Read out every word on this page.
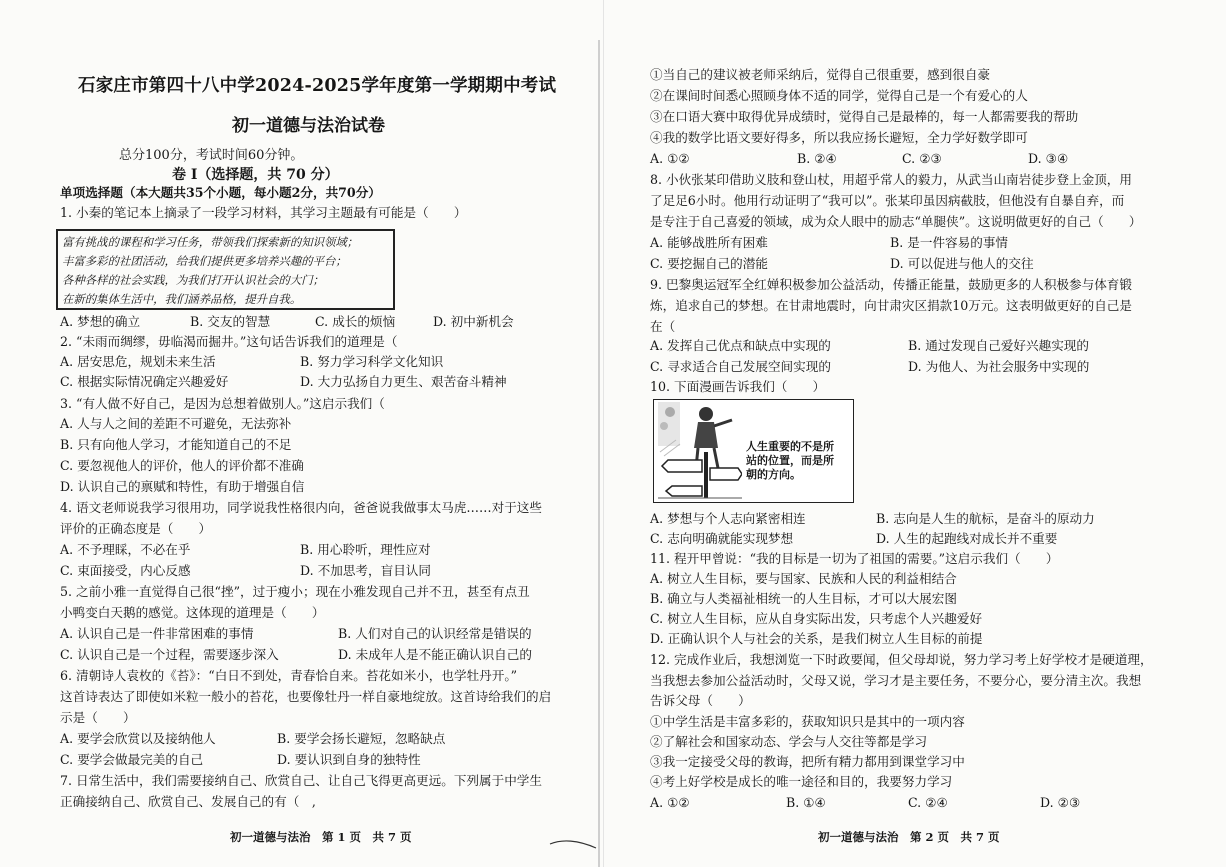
石家庄市第四十八中学2024-2025学年度第一学期期中考试
初一道德与法治试卷
总分100分，考试时间60分钟。
卷 Ⅰ（选择题，共 70 分）
单项选择题（本大题共35个小题，每小题2分，共70分）
1. 小秦的笔记本上摘录了一段学习材料，其学习主题最有可能是（　　）
富有挑战的课程和学习任务，带领我们探索新的知识领域；
丰富多彩的社团活动，给我们提供更多培养兴趣的平台；
各种各样的社会实践，为我们打开认识社会的大门；
在新的集体生活中，我们涵养品格，提升自我。
A. 梦想的确立	B. 交友的智慧	C. 成长的烦恼	D. 初中新机会
2. “未雨而绸缪，毋临渴而掘井。”这句话告诉我们的道理是（
A. 居安思危，规划未来生活	B. 努力学习科学文化知识
C. 根据实际情况确定兴趣爱好	D. 大力弘扬自力更生、艰苦奋斗精神
3. “有人做不好自己，是因为总想着做别人。”这启示我们（
A. 人与人之间的差距不可避免，无法弥补
B. 只有向他人学习，才能知道自己的不足
C. 要忽视他人的评价，他人的评价都不准确
D. 认识自己的禀赋和特性，有助于增强自信
4. 语文老师说我学习很用功，同学说我性格很内向，爸爸说我做事太马虎……对于这些
评价的正确态度是（　　）
A. 不予理睬，不必在乎	B. 用心聆听，理性应对
C. 束面接受，内心反感	D. 不加思考，盲目认同
5. 之前小雅一直觉得自己很“挫”，过于瘦小；现在小雅发现自己并不丑，甚至有点丑
小鸭变白天鹅的感觉。这体现的道理是（　　）
A. 认识自己是一件非常困难的事情	B. 人们对自己的认识经常是错误的
C. 认识自己是一个过程，需要逐步深入	D. 未成年人是不能正确认识自己的
6. 清朝诗人袁枚的《苔》：“白日不到处，青春恰自来。苔花如米小，也学牡丹开。”
这首诗表达了即使如米粒一般小的苔花，也要像牡丹一样自豪地绽放。这首诗给我们的启
示是（　　）
A. 要学会欣赏以及接纳他人	B. 要学会扬长避短，忽略缺点
C. 要学会做最完美的自己	D. 要认识到自身的独特性
7. 日常生活中，我们需要接纳自己、欣赏自己、让自己飞得更高更远。下列属于中学生
正确接纳自己、欣赏自己、发展自己的有（　,
初一道德与法治　第 1 页　共 7 页
①当自己的建议被老师采纳后，觉得自己很重要，感到很自豪
②在课间时间悉心照顾身体不适的同学，觉得自己是一个有爱心的人
③在口语大赛中取得优异成绩时，觉得自己是最棒的，每一人都需要我的帮助
④我的数学比语文要好得多，所以我应扬长避短，全力学好数学即可
A. ①②	B. ②④	C. ②③	D. ③④
8. 小伙张某印借助义肢和登山杖，用超乎常人的毅力，从武当山南岩徒步登上金顶，用
了足足6小时。他用行动证明了“我可以”。张某印虽因病截肢，但他没有自暴自弃，而
是专注于自己喜爱的领域，成为众人眼中的励志“单腿侠”。这说明做更好的自己（　　）
A. 能够战胜所有困难	B. 是一件容易的事情
C. 要挖掘自己的潜能	D. 可以促进与他人的交往
9. 巴黎奥运冠军全红婵积极参加公益活动，传播正能量，鼓励更多的人积极参与体育锻
炼，追求自己的梦想。在甘肃地震时，向甘肃灾区捐款10万元。这表明做更好的自己是
在（
A. 发挥自己优点和缺点中实现的	B. 通过发现自己爱好兴趣实现的
C. 寻求适合自己发展空间实现的	D. 为他人、为社会服务中实现的
10. 下面漫画告诉我们（　　）
A. 梦想与个人志向紧密相连	B. 志向是人生的航标，是奋斗的原动力
C. 志向明确就能实现梦想	D. 人生的起跑线对成长并不重要
11. 程开甲曾说：“我的目标是一切为了祖国的需要。”这启示我们（　　）
A. 树立人生目标，要与国家、民族和人民的利益相结合
B. 确立与人类福祉相统一的人生目标，才可以大展宏图
C. 树立人生目标，应从自身实际出发，只考虑个人兴趣爱好
D. 正确认识个人与社会的关系，是我们树立人生目标的前提
12. 完成作业后，我想浏览一下时政要闻，但父母却说，努力学习考上好学校才是硬道理，
当我想去参加公益活动时，父母又说，学习才是主要任务，不要分心，要分清主次。我想
告诉父母（　　）
①中学生活是丰富多彩的，获取知识只是其中的一项内容
②了解社会和国家动态、学会与人交往等都是学习
③我一定接受父母的教诲，把所有精力都用到课堂学习中
④考上好学校是成长的唯一途径和目的，我要努力学习
A. ①②	B. ①④	C. ②④	D. ②③
初一道德与法治　第 2 页　共 7 页
人生重要的不是所
站的位置，而是所
朝的方向。
